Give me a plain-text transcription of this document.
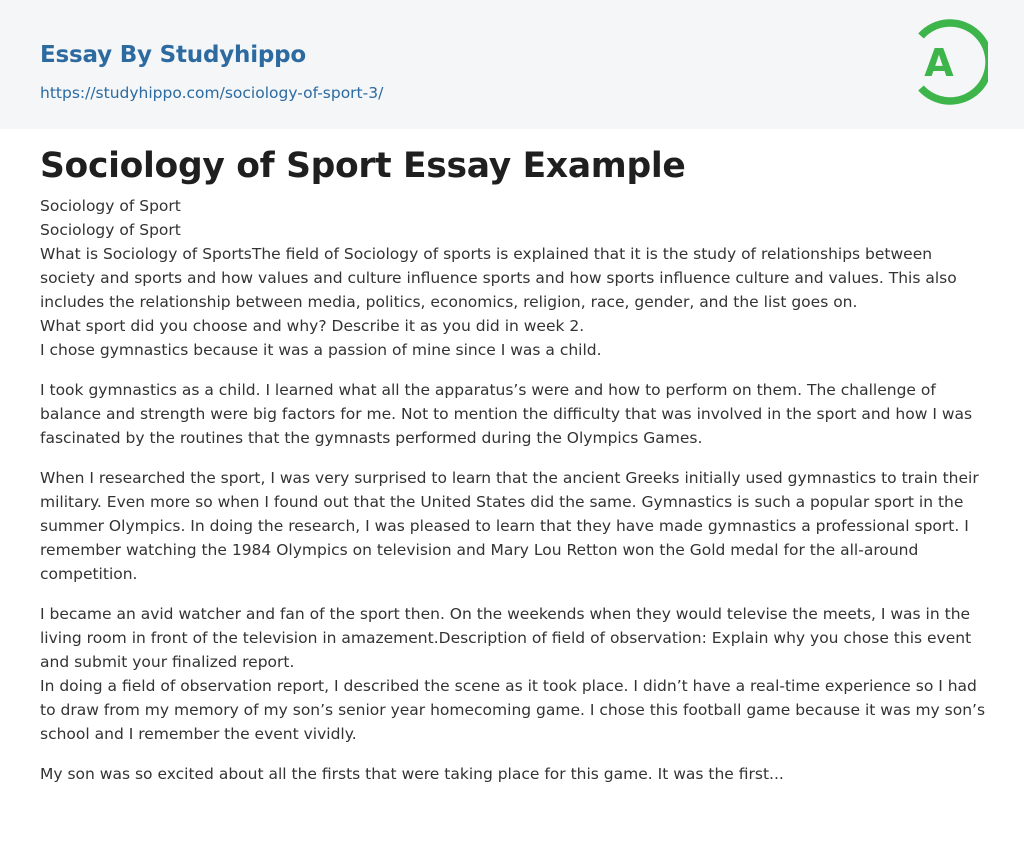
Essay By Studyhippo
https://studyhippo.com/sociology-of-sport-3/
A
Sociology of Sport Essay Example

Sociology of Sport

Sociology of Sport

What is Sociology of SportsThe field of Sociology of sports is explained that it is the study of relationships between society and sports and how values and culture influence sports and how sports influence culture and values. This also includes the relationship between media, politics, economics, religion, race, gender, and the list goes on.

What sport did you choose and why? Describe it as you did in week 2.

I chose gymnastics because it was a passion of mine since I was a child.

I took gymnastics as a child. I learned what all the apparatus’s were and how to perform on them. The challenge of balance and strength were big factors for me. Not to mention the difficulty that was involved in the sport and how I was fascinated by the routines that the gymnasts performed during the Olympics Games.

When I researched the sport, I was very surprised to learn that the ancient Greeks initially used gymnastics to train their military. Even more so when I found out that the United States did the same. Gymnastics is such a popular sport in the summer Olympics. In doing the research, I was pleased to learn that they have made gymnastics a professional sport. I remember watching the 1984 Olympics on television and Mary Lou Retton won the Gold medal for the all-around competition.

I became an avid watcher and fan of the sport then. On the weekends when they would televise the meets, I was in the living room in front of the television in amazement.Description of field of observation: Explain why you chose this event and submit your finalized report.

In doing a field of observation report, I described the scene as it took place. I didn’t have a real-time experience so I had to draw from my memory of my son’s senior year homecoming game. I chose this football game because it was my son’s school and I remember the event vividly.

My son was so excited about all the firsts that were taking place for this game. It was the first...
